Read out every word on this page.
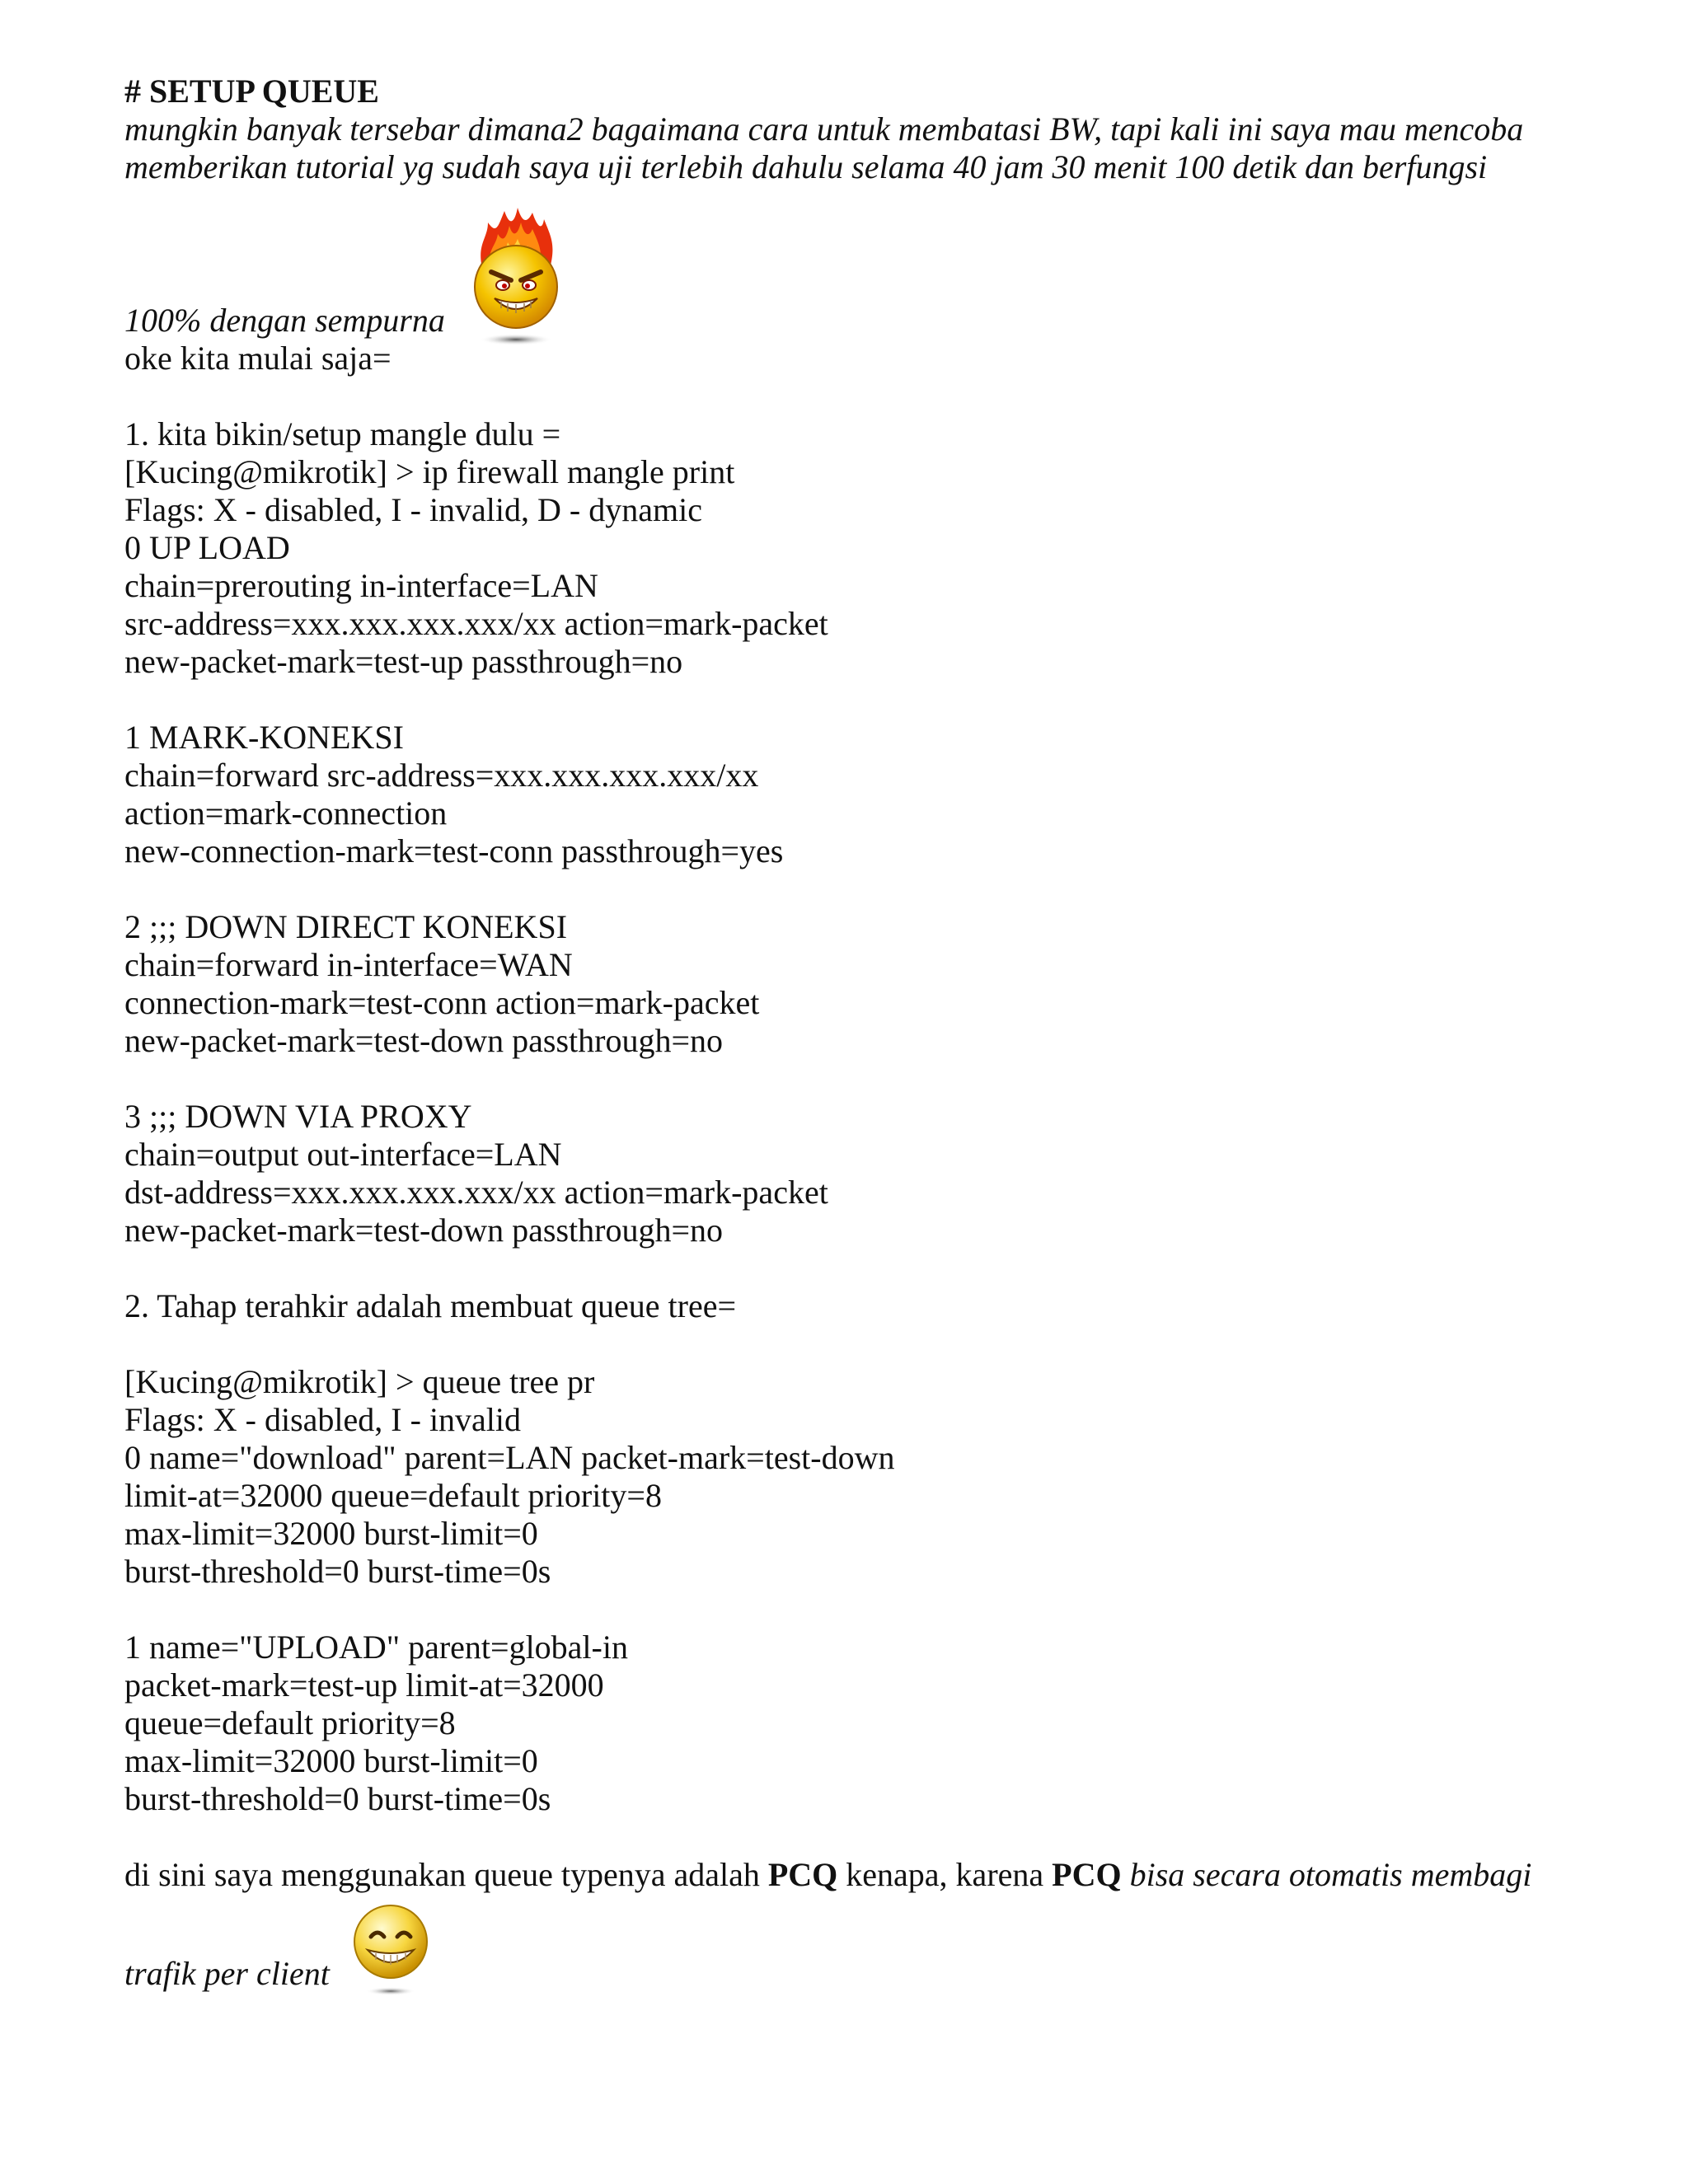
# SETUP QUEUE
mungkin banyak tersebar dimana2 bagaimana cara untuk membatasi BW, tapi kali ini saya mau mencoba
memberikan tutorial yg sudah saya uji terlebih dahulu selama 40 jam 30 menit 100 detik dan berfungsi
100% dengan sempurna
oke kita mulai saja=
1. kita bikin/setup mangle dulu =
[Kucing@mikrotik] > ip firewall mangle print
Flags: X - disabled, I - invalid, D - dynamic
0 UP LOAD
chain=prerouting in-interface=LAN
src-address=xxx.xxx.xxx.xxx/xx action=mark-packet
new-packet-mark=test-up passthrough=no
1 MARK-KONEKSI
chain=forward src-address=xxx.xxx.xxx.xxx/xx
action=mark-connection
new-connection-mark=test-conn passthrough=yes
2 ;;; DOWN DIRECT KONEKSI
chain=forward in-interface=WAN
connection-mark=test-conn action=mark-packet
new-packet-mark=test-down passthrough=no
3 ;;; DOWN VIA PROXY
chain=output out-interface=LAN
dst-address=xxx.xxx.xxx.xxx/xx action=mark-packet
new-packet-mark=test-down passthrough=no
2. Tahap terahkir adalah membuat queue tree=
[Kucing@mikrotik] > queue tree pr
Flags: X - disabled, I - invalid
0 name="download" parent=LAN packet-mark=test-down
limit-at=32000 queue=default priority=8
max-limit=32000 burst-limit=0
burst-threshold=0 burst-time=0s
1 name="UPLOAD" parent=global-in
packet-mark=test-up limit-at=32000
queue=default priority=8
max-limit=32000 burst-limit=0
burst-threshold=0 burst-time=0s
di sini saya menggunakan queue typenya adalah PCQ kenapa, karena PCQ bisa secara otomatis membagi
trafik per client
